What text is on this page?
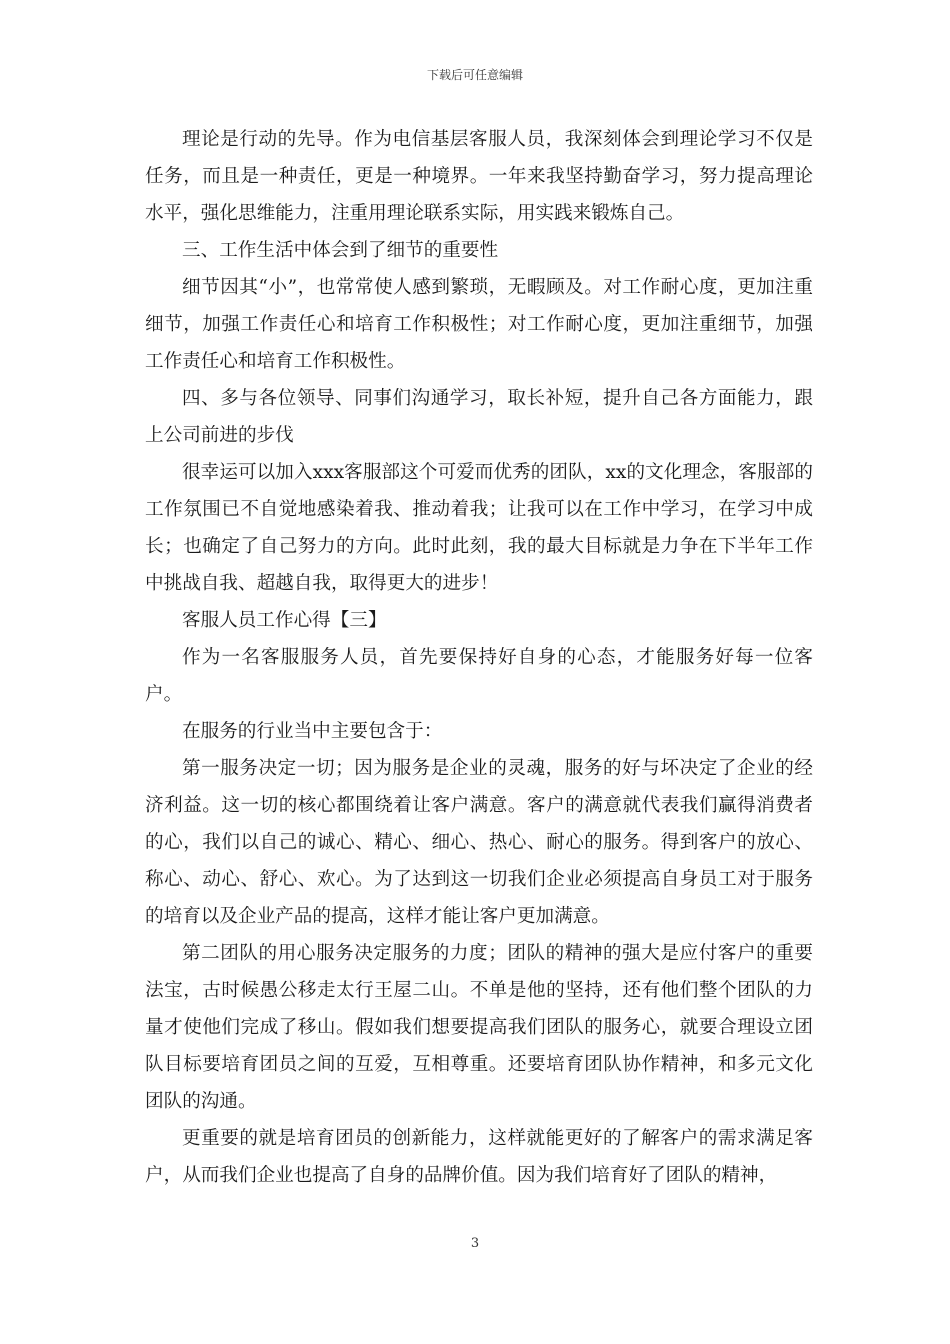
下载后可任意编辑

理论是行动的先导。作为电信基层客服人员，我深刻体会到理论学习不仅是任务，而且是一种责任，更是一种境界。一年来我坚持勤奋学习，努力提高理论水平，强化思维能力，注重用理论联系实际，用实践来锻炼自己。

三、工作生活中体会到了细节的重要性

细节因其“小”，也常常使人感到繁琐，无暇顾及。对工作耐心度，更加注重细节，加强工作责任心和培育工作积极性；对工作耐心度，更加注重细节，加强工作责任心和培育工作积极性。

四、多与各位领导、同事们沟通学习，取长补短，提升自己各方面能力，跟上公司前进的步伐

很幸运可以加入xxx客服部这个可爱而优秀的团队，xx的文化理念，客服部的工作氛围已不自觉地感染着我、推动着我；让我可以在工作中学习，在学习中成长；也确定了自己努力的方向。此时此刻，我的最大目标就是力争在下半年工作中挑战自我、超越自我，取得更大的进步！

客服人员工作心得【三】

作为一名客服服务人员，首先要保持好自身的心态，才能服务好每一位客户。

在服务的行业当中主要包含于：

第一服务决定一切；因为服务是企业的灵魂，服务的好与坏决定了企业的经济利益。这一切的核心都围绕着让客户满意。客户的满意就代表我们赢得消费者的心，我们以自己的诚心、精心、细心、热心、耐心的服务。得到客户的放心、称心、动心、舒心、欢心。为了达到这一切我们企业必须提高自身员工对于服务的培育以及企业产品的提高，这样才能让客户更加满意。

第二团队的用心服务决定服务的力度；团队的精神的强大是应付客户的重要法宝，古时候愚公移走太行王屋二山。不单是他的坚持，还有他们整个团队的力量才使他们完成了移山。假如我们想要提高我们团队的服务心，就要合理设立团队目标要培育团员之间的互爱，互相尊重。还要培育团队协作精神，和多元文化团队的沟通。

更重要的就是培育团员的创新能力，这样就能更好的了解客户的需求满足客户，从而我们企业也提高了自身的品牌价值。因为我们培育好了团队的精神，

3
